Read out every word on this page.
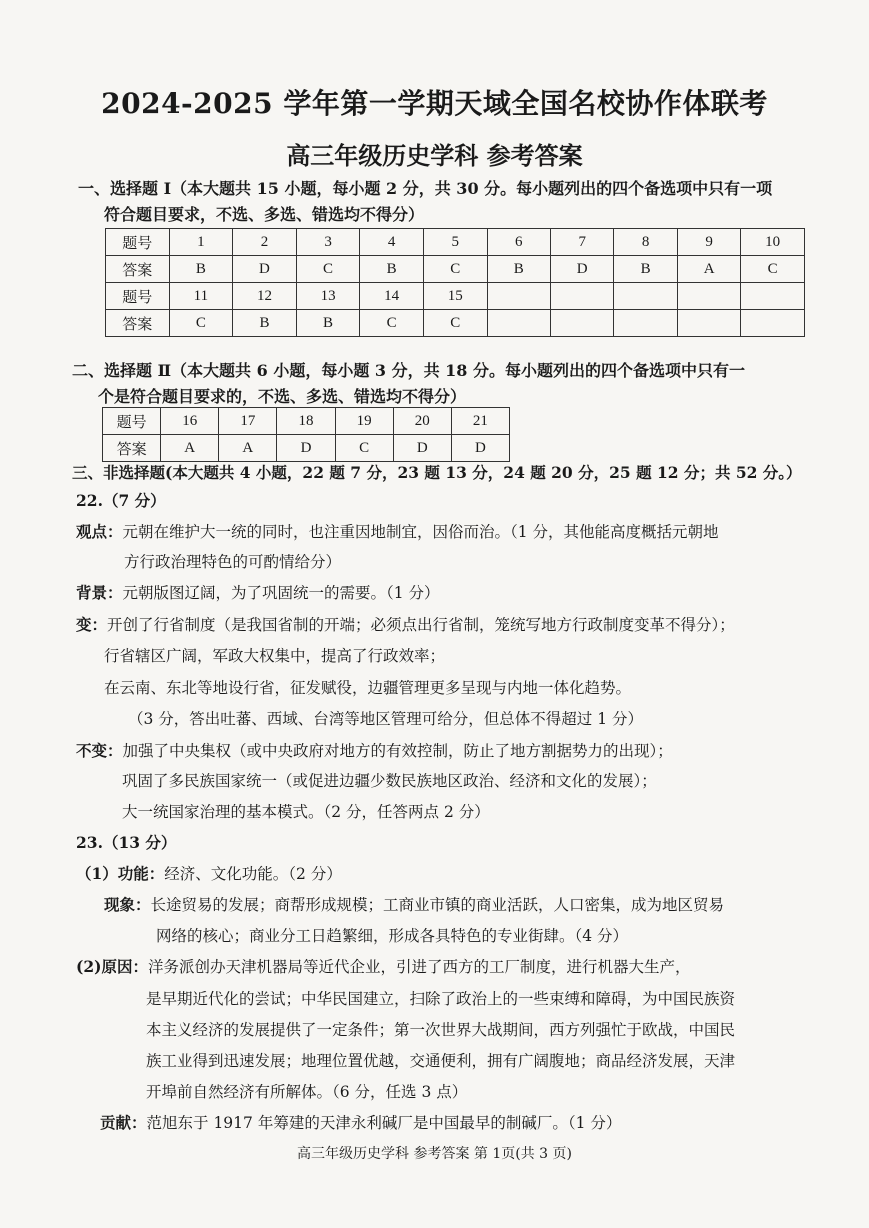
2024-2025 学年第一学期天域全国名校协作体联考
高三年级历史学科 参考答案
一、选择题 I（本大题共 15 小题，每小题 2 分，共 30 分。每小题列出的四个备选项中只有一项
符合题目要求，不选、多选、错选均不得分）
题号	1	2	3	4	5	6	7	8	9	10
答案	B	D	C	B	C	B	D	B	A	C
题号	11	12	13	14	15					
答案	C	B	B	C	C					
二、选择题 Ⅱ（本大题共 6 小题，每小题 3 分，共 18 分。每小题列出的四个备选项中只有一
个是符合题目要求的，不选、多选、错选均不得分）
题号	16	17	18	19	20	21
答案	A	A	D	C	D	D
三、非选择题(本大题共 4 小题，22 题 7 分，23 题 13 分，24 题 20 分，25 题 12 分；共 52 分。）
22.（7 分）
观点：元朝在维护大一统的同时，也注重因地制宜，因俗而治。（1 分，其他能高度概括元朝地
方行政治理特色的可酌情给分）
背景：元朝版图辽阔，为了巩固统一的需要。（1 分）
变：开创了行省制度（是我国省制的开端；必须点出行省制，笼统写地方行政制度变革不得分）；
行省辖区广阔，军政大权集中，提高了行政效率；
在云南、东北等地设行省，征发赋役，边疆管理更多呈现与内地一体化趋势。
（3 分，答出吐蕃、西域、台湾等地区管理可给分，但总体不得超过 1 分）
不变：加强了中央集权（或中央政府对地方的有效控制，防止了地方割据势力的出现）；
巩固了多民族国家统一（或促进边疆少数民族地区政治、经济和文化的发展）；
大一统国家治理的基本模式。（2 分，任答两点 2 分）
23.（13 分）
（1）功能：经济、文化功能。（2 分）
现象：长途贸易的发展；商帮形成规模；工商业市镇的商业活跃，人口密集，成为地区贸易
网络的核心；商业分工日趋繁细，形成各具特色的专业街肆。（4 分）
(2)原因：洋务派创办天津机器局等近代企业，引进了西方的工厂制度，进行机器大生产，
是早期近代化的尝试；中华民国建立，扫除了政治上的一些束缚和障碍，为中国民族资
本主义经济的发展提供了一定条件；第一次世界大战期间，西方列强忙于欧战，中国民
族工业得到迅速发展；地理位置优越，交通便利，拥有广阔腹地；商品经济发展，天津
开埠前自然经济有所解体。（6 分，任选 3 点）
贡献：范旭东于 1917 年筹建的天津永利碱厂是中国最早的制碱厂。（1 分）
高三年级历史学科 参考答案 第 1页(共 3 页)
